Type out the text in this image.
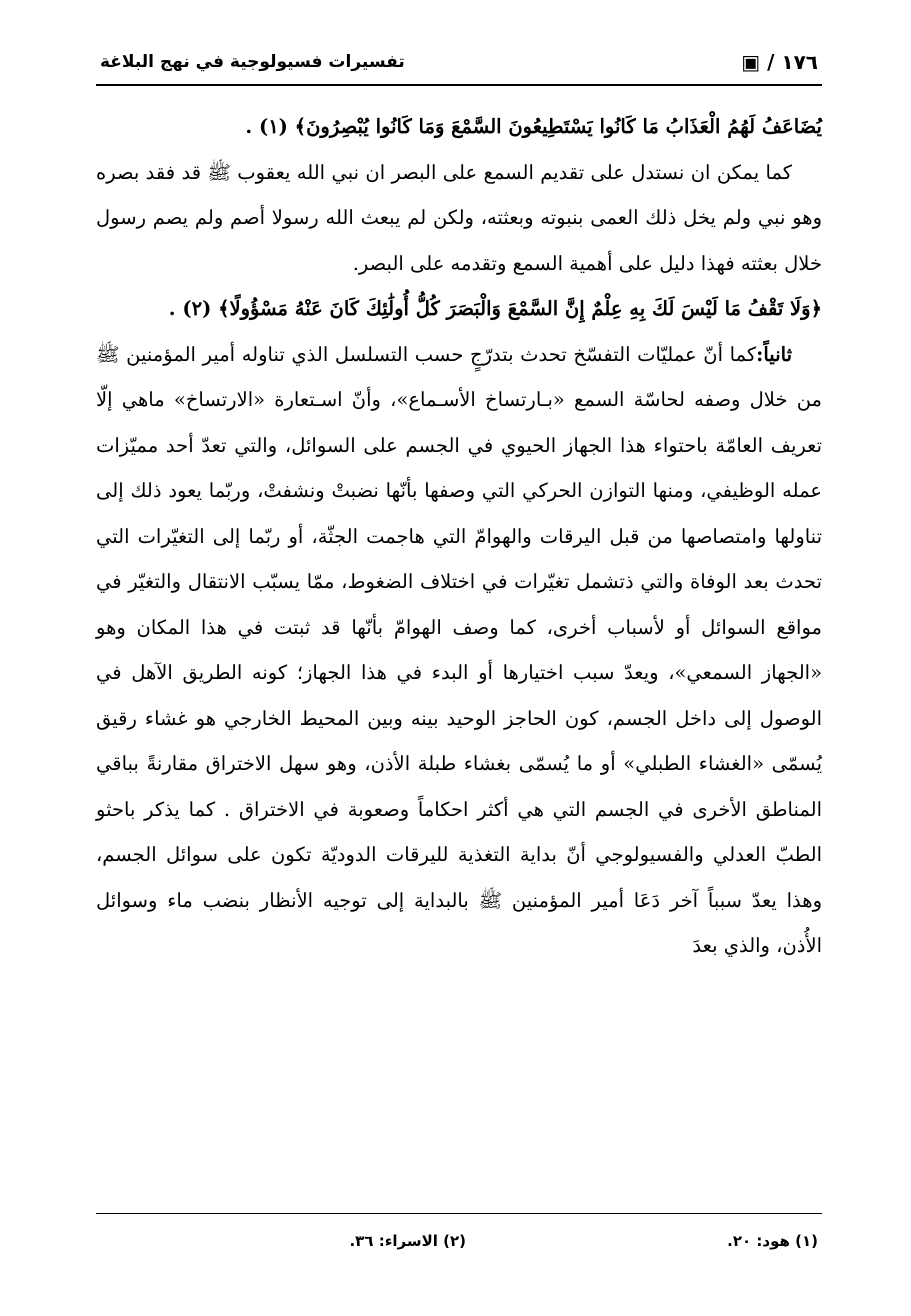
١٧٦ / ▣
تفسيرات فسيولوجية في نهج البلاغة

يُضَاعَفُ لَهُمُ الْعَذَابُ مَا كَانُوا يَسْتَطِيعُونَ السَّمْعَ وَمَا كَانُوا يُبْصِرُونَ﴾ (١) .

كما يمكن ان نستدل على تقديم السمع على البصر ان نبي الله يعقوب ﷺ قد فقد بصره وهو نبي ولم يخل ذلك العمى بنبوته وبعثته، ولكن لم يبعث الله رسولا أصم ولم يصم رسول خلال بعثته فهذا دليل على أهمية السمع وتقدمه على البصر.

﴿وَلَا تَقْفُ مَا لَيْسَ لَكَ بِهِ عِلْمٌ إِنَّ السَّمْعَ وَالْبَصَرَ كُلُّ أُولَٰئِكَ كَانَ عَنْهُ مَسْؤُولًا﴾ (٢) .

ثانياً:كما أنّ عمليّات التفسّخ تحدث بتدرّجٍ حسب التسلسل الذي تناوله أمير المؤمنين ﷺ من خلال وصفه لحاسّة السمع «بـارتساخ الأسـماع»، وأنّ اسـتعارة «الارتساخ» ماهي إلّا تعريف العامّة باحتواء هذا الجهاز الحيوي في الجسم على السوائل، والتي تعدّ أحد مميّزات عمله الوظيفي، ومنها التوازن الحركي التي وصفها بأنّها نضبتْ ونشفتْ، وربّما يعود ذلك إلى تناولها وامتصاصها من قبل اليرقات والهوامّ التي هاجمت الجثّة، أو ربّما إلى التغيّرات التي تحدث بعد الوفاة والتي ذتشمل تغيّرات في اختلاف الضغوط، ممّا يسبّب الانتقال والتغيّر في مواقع السوائل أو لأسباب أخرى، كما وصف الهوامّ بأنّها قد ثبتت في هذا المكان وهو «الجهاز السمعي»، ويعدّ سبب اختيارها أو البدء في هذا الجهاز؛ كونه الطريق الآهل في الوصول إلى داخل الجسم، كون الحاجز الوحيد بينه وبين المحيط الخارجي هو غشاء رقيق يُسمّى «الغشاء الطبلي» أو ما يُسمّى بغشاء طبلة الأذن، وهو سهل الاختراق مقارنةً بباقي المناطق الأخرى في الجسم التي هي أكثر احكاماً وصعوبة في الاختراق . كما يذكر باحثو الطبّ العدلي والفسيولوجي أنّ بداية التغذية لليرقات الدوديّة تكون على سوائل الجسم، وهذا يعدّ سبباً آخر دَعَا أمير المؤمنين ﷺ بالبداية إلى توجيه الأنظار بنضب ماء وسوائل الأُذن، والذي بعدَ

(١) هود: ٢٠.
(٢) الاسراء: ٣٦.
